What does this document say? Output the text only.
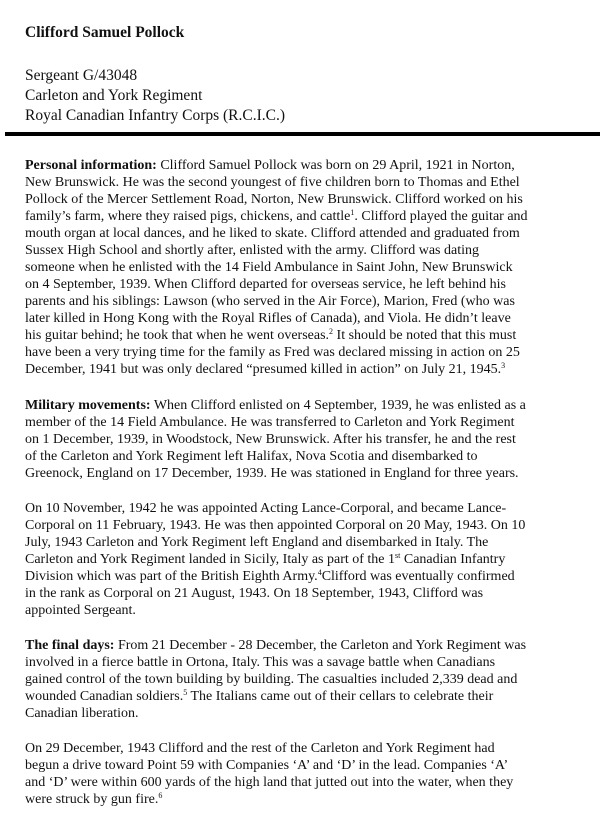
Clifford Samuel Pollock
Sergeant G/43048
Carleton and York Regiment
Royal Canadian Infantry Corps (R.C.I.C.)

Personal information: Clifford Samuel Pollock was born on 29 April, 1921 in Norton,
New Brunswick. He was the second youngest of five children born to Thomas and Ethel
Pollock of the Mercer Settlement Road, Norton, New Brunswick. Clifford worked on his
family’s farm, where they raised pigs, chickens, and cattle$^1$. Clifford played the guitar and
mouth organ at local dances, and he liked to skate. Clifford attended and graduated from
Sussex High School and shortly after, enlisted with the army. Clifford was dating
someone when he enlisted with the 14 Field Ambulance in Saint John, New Brunswick
on 4 September, 1939. When Clifford departed for overseas service, he left behind his
parents and his siblings: Lawson (who served in the Air Force), Marion, Fred (who was
later killed in Hong Kong with the Royal Rifles of Canada), and Viola. He didn’t leave
his guitar behind; he took that when he went overseas.$^2$ It should be noted that this must
have been a very trying time for the family as Fred was declared missing in action on 25
December, 1941 but was only declared “presumed killed in action” on July 21, 1945.$^3$

Military movements: When Clifford enlisted on 4 September, 1939, he was enlisted as a
member of the 14 Field Ambulance. He was transferred to Carleton and York Regiment
on 1 December, 1939, in Woodstock, New Brunswick. After his transfer, he and the rest
of the Carleton and York Regiment left Halifax, Nova Scotia and disembarked to
Greenock, England on 17 December, 1939. He was stationed in England for three years.

On 10 November, 1942 he was appointed Acting Lance-Corporal, and became Lance-
Corporal on 11 February, 1943. He was then appointed Corporal on 20 May, 1943. On 10
July, 1943 Carleton and York Regiment left England and disembarked in Italy. The
Carleton and York Regiment landed in Sicily, Italy as part of the 1st Canadian Infantry
Division which was part of the British Eighth Army.$^4$Clifford was eventually confirmed
in the rank as Corporal on 21 August, 1943. On 18 September, 1943, Clifford was
appointed Sergeant.

The final days: From 21 December - 28 December, the Carleton and York Regiment was
involved in a fierce battle in Ortona, Italy. This was a savage battle when Canadians
gained control of the town building by building. The casualties included 2,339 dead and
wounded Canadian soldiers.$^5$ The Italians came out of their cellars to celebrate their
Canadian liberation.

On 29 December, 1943 Clifford and the rest of the Carleton and York Regiment had
begun a drive toward Point 59 with Companies ‘A’ and ‘D’ in the lead. Companies ‘A’
and ‘D’ were within 600 yards of the high land that jutted out into the water, when they
were struck by gun fire.$^6$
